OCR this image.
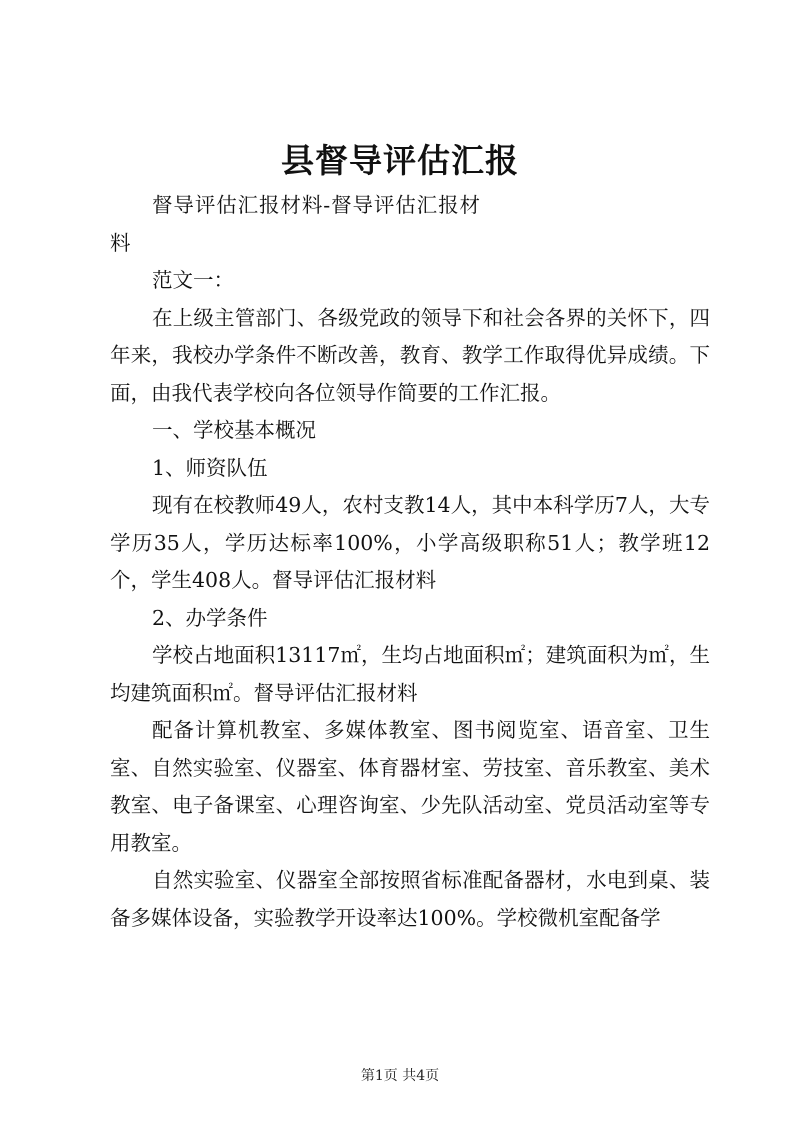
县督导评估汇报

督导评估汇报材料-督导评估汇报材料

范文一：

在上级主管部门、各级党政的领导下和社会各界的关怀下，四年来，我校办学条件不断改善，教育、教学工作取得优异成绩。下面，由我代表学校向各位领导作简要的工作汇报。

一、学校基本概况

1、师资队伍

现有在校教师49人，农村支教14人，其中本科学历7人，大专学历35人，学历达标率100%，小学高级职称51人；教学班12个，学生408人。督导评估汇报材料

2、办学条件

学校占地面积13117㎡，生均占地面积㎡；建筑面积为㎡，生均建筑面积㎡。督导评估汇报材料

配备计算机教室、多媒体教室、图书阅览室、语音室、卫生室、自然实验室、仪器室、体育器材室、劳技室、音乐教室、美术教室、电子备课室、心理咨询室、少先队活动室、党员活动室等专用教室。

自然实验室、仪器室全部按照省标准配备器材，水电到桌、装备多媒体设备，实验教学开设率达100%。学校微机室配备学

第1页 共4页
